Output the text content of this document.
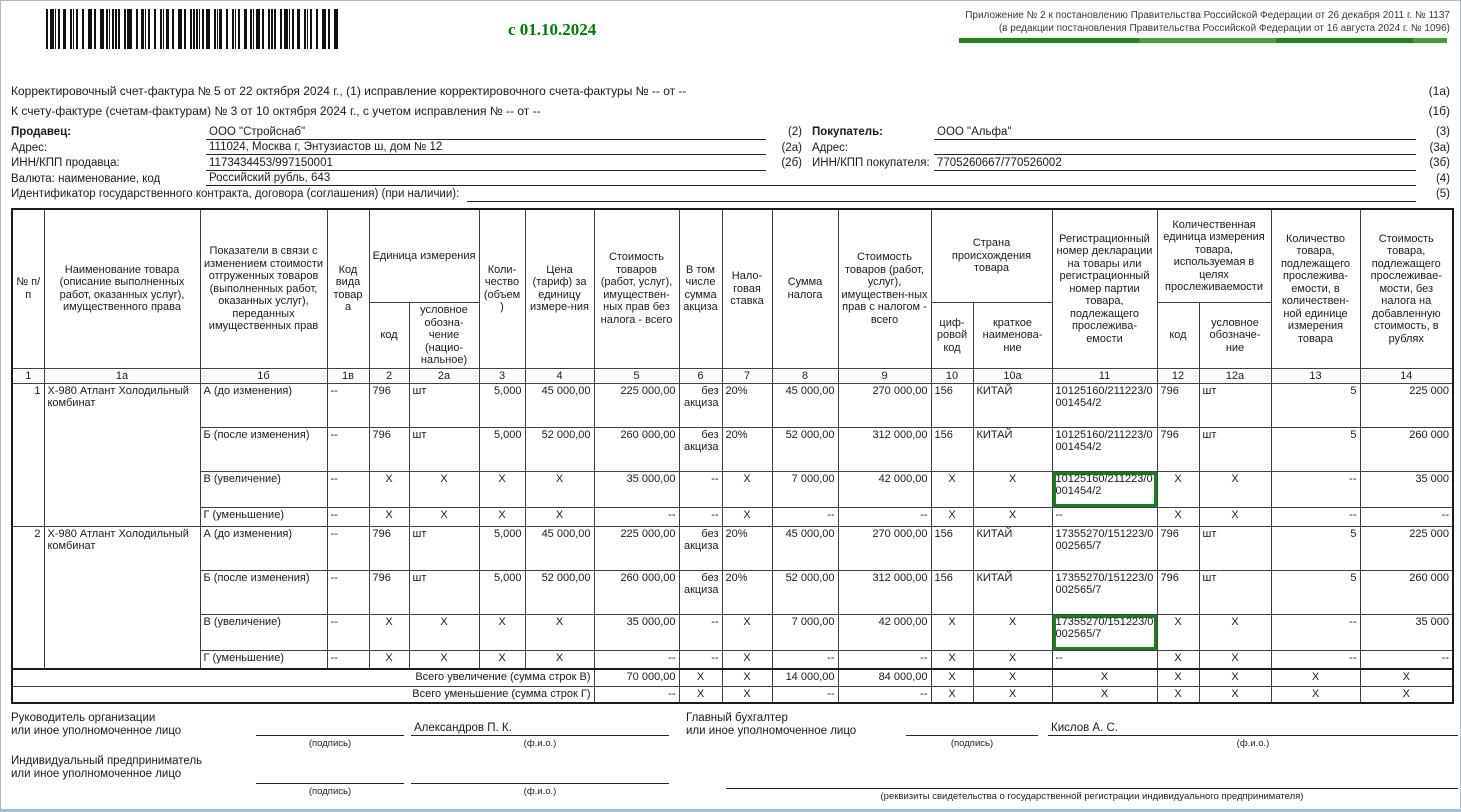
с 01.10.2024
Приложение № 2 к постановлению Правительства Российской Федерации от 26 декабря 2011 г. № 1137
(в редакции постановления Правительства Российской Федерации от 16 августа 2024 г. № 1096)
Корректировочный счет-фактура № 5 от 22 октября 2024 г., (1) исправление корректировочного счета-фактуры № -- от --	(1а)
К счету-фактуре (счетам-фактурам) № 3 от 10 октября 2024 г., с учетом исправления № -- от --	(1б)
Продавец:	ООО "Стройснаб"	(2) Покупатель:	ООО "Альфа"	(3)
Адрес:	111024, Москва г, Энтузиастов ш, дом № 12	(2а) Адрес:	(3а)
ИНН/КПП продавца:	1173434453/997150001	(2б) ИНН/КПП покупателя: 7705260667/770526002	(3б)
Валюта: наименование, код	Российский рубль, 643	(4)
Идентификатор государственного контракта, договора (соглашения) (при наличии):	(5)
№ п/п	Наименование товара (описание выполненных работ, оказанных услуг), имущественного права	Показатели в связи с изменением стоимости отгруженных товаров (выполненных работ, оказанных услуг), переданных имущественных прав	Код вида товара	Единица измерения		Коли-чество (объем)	Цена (тариф) за единицу измере-ния	Стоимость товаров (работ, услуг), имуществен-ных прав без налога - всего	В том числе сумма акциза	Нало-говая ставка	Сумма налога	Стоимость товаров (работ, услуг), имуществен-ных прав с налогом - всего	Страна происхождения товара		Регистрационный номер декларации на товары или регистрационный номер партии товара, подлежащего прослежива-емости	Количественная единица измерения товара, используемая в целях прослеживаемости		Количество товара, подлежащего прослежива-емости, в количествен-ной единице измерения товара	Стоимость товара, подлежащего прослеживае-мости, без налога на добавленную стоимость, в рублях
				код	условное обозна-чение (нацио-нальное)								циф-ровой код	краткое наименова-ние		код	условное обозначе-ние		
1	1а	1б	1в	2	2а	3	4	5	6	7	8	9	10	10а	11	12	12а	13	14
1	Х-980 Атлант Холодильный комбинат	А (до изменения)	--	796	шт	5,000	45 000,00	225 000,00	без акциза	20%	45 000,00	270 000,00	156	КИТАЙ	10125160/211223/0001454/2	796	шт	5	225 000
		Б (после изменения)	--	796	шт	5,000	52 000,00	260 000,00	без акциза	20%	52 000,00	312 000,00	156	КИТАЙ	10125160/211223/0001454/2	796	шт	5	260 000
		В (увеличение)	--	X	X	X	X	35 000,00	--	X	7 000,00	42 000,00	X	X	10125160/211223/0001454/2	X	X	--	35 000
		Г (уменьшение)	--	X	X	X	X	--	--	X	--	--	X	X	--	X	X	--	--
2	Х-980 Атлант Холодильный комбинат	А (до изменения)	--	796	шт	5,000	45 000,00	225 000,00	без акциза	20%	45 000,00	270 000,00	156	КИТАЙ	17355270/151223/0002565/7	796	шт	5	225 000
		Б (после изменения)	--	796	шт	5,000	52 000,00	260 000,00	без акциза	20%	52 000,00	312 000,00	156	КИТАЙ	17355270/151223/0002565/7	796	шт	5	260 000
		В (увеличение)	--	X	X	X	X	35 000,00	--	X	7 000,00	42 000,00	X	X	17355270/151223/0002565/7	X	X	--	35 000
		Г (уменьшение)	--	X	X	X	X	--	--	X	--	--	X	X	--	X	X	--	--
Всего увеличение (сумма строк В)								70 000,00	X	X	14 000,00	84 000,00	X	X	X	X	X	X	X
Всего уменьшение (сумма строк Г)								--	X	X	--	--	X	X	X	X	X	X	X
Руководитель организации
или иное уполномоченное лицо	Александров П. К.
(подпись)	(ф.и.о.)
Индивидуальный предприниматель
или иное уполномоченное лицо
(подпись)	(ф.и.о.)
Главный бухгалтер
или иное уполномоченное лицо	Кислов А. С.
(подпись)	(ф.и.о.)
(реквизиты свидетельства о государственной регистрации индивидуального предпринимателя)
